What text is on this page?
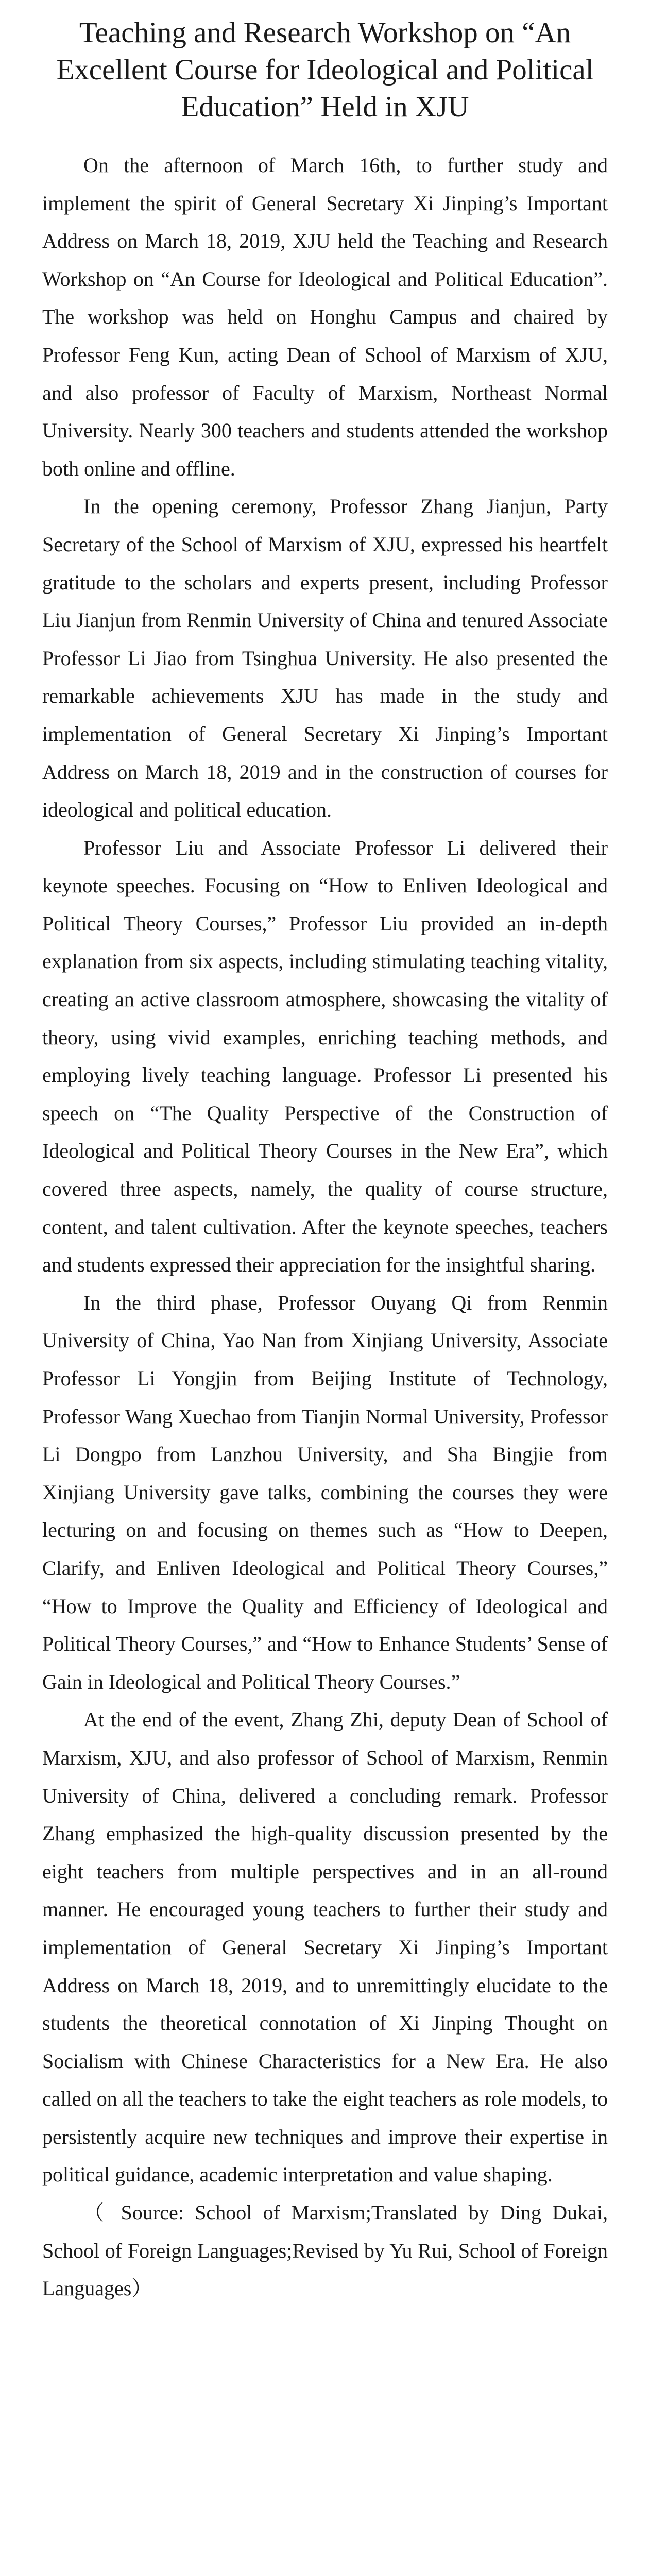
Teaching and Research Workshop on “An Excellent Course for Ideological and Political Education” Held in XJU

On the afternoon of March 16th, to further study and implement the spirit of General Secretary Xi Jinping’s Important Address on March 18, 2019, XJU held the Teaching and Research Workshop on “An Course for Ideological and Political Education”. The workshop was held on Honghu Campus and chaired by Professor Feng Kun, acting Dean of School of Marxism of XJU, and also professor of Faculty of Marxism, Northeast Normal University. Nearly 300 teachers and students attended the workshop both online and offline.

In the opening ceremony, Professor Zhang Jianjun, Party Secretary of the School of Marxism of XJU, expressed his heartfelt gratitude to the scholars and experts present, including Professor Liu Jianjun from Renmin University of China and tenured Associate Professor Li Jiao from Tsinghua University. He also presented the remarkable achievements XJU has made in the study and implementation of General Secretary Xi Jinping’s Important Address on March 18, 2019 and in the construction of courses for ideological and political education.

Professor Liu and Associate Professor Li delivered their keynote speeches. Focusing on “How to Enliven Ideological and Political Theory Courses,” Professor Liu provided an in-depth explanation from six aspects, including stimulating teaching vitality, creating an active classroom atmosphere, showcasing the vitality of theory, using vivid examples, enriching teaching methods, and employing lively teaching language. Professor Li presented his speech on “The Quality Perspective of the Construction of Ideological and Political Theory Courses in the New Era”, which covered three aspects, namely, the quality of course structure, content, and talent cultivation. After the keynote speeches, teachers and students expressed their appreciation for the insightful sharing.

In the third phase, Professor Ouyang Qi from Renmin University of China, Yao Nan from Xinjiang University, Associate Professor Li Yongjin from Beijing Institute of Technology, Professor Wang Xuechao from Tianjin Normal University, Professor Li Dongpo from Lanzhou University, and Sha Bingjie from Xinjiang University gave talks, combining the courses they were lecturing on and focusing on themes such as “How to Deepen, Clarify, and Enliven Ideological and Political Theory Courses,” “How to Improve the Quality and Efficiency of Ideological and Political Theory Courses,” and “How to Enhance Students’ Sense of Gain in Ideological and Political Theory Courses.”

At the end of the event, Zhang Zhi, deputy Dean of School of Marxism, XJU, and also professor of School of Marxism, Renmin University of China, delivered a concluding remark. Professor Zhang emphasized the high-quality discussion presented by the eight teachers from multiple perspectives and in an all-round manner. He encouraged young teachers to further their study and implementation of General Secretary Xi Jinping’s Important Address on March 18, 2019, and to unremittingly elucidate to the students the theoretical connotation of Xi Jinping Thought on Socialism with Chinese Characteristics for a New Era. He also called on all the teachers to take the eight teachers as role models, to persistently acquire new techniques and improve their expertise in political guidance, academic interpretation and value shaping.

（ Source: School of Marxism;Translated by Ding Dukai, School of Foreign Languages;Revised by Yu Rui, School of Foreign Languages）
